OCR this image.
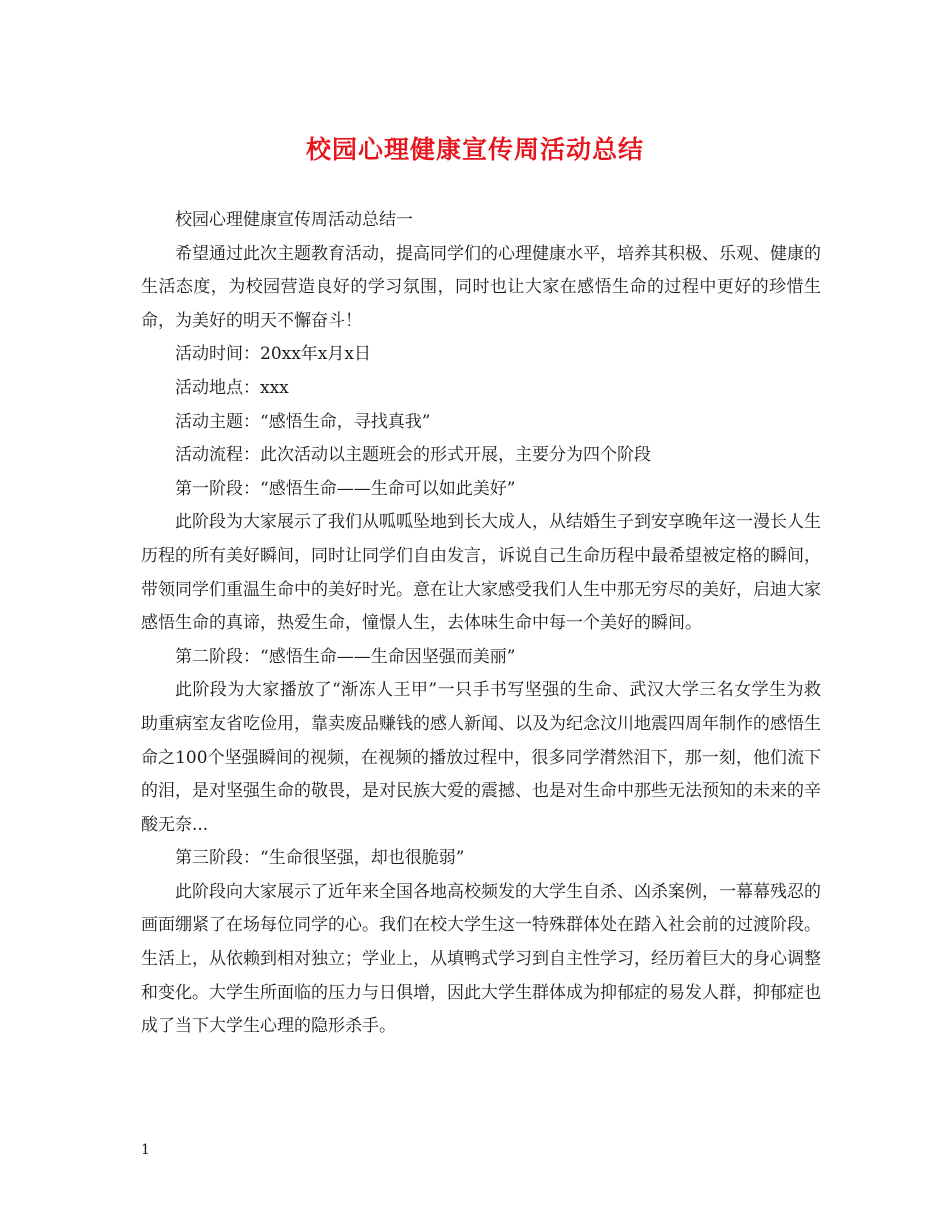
校园心理健康宣传周活动总结

校园心理健康宣传周活动总结一

希望通过此次主题教育活动，提高同学们的心理健康水平，培养其积极、乐观、健康的生活态度，为校园营造良好的学习氛围，同时也让大家在感悟生命的过程中更好的珍惜生命，为美好的明天不懈奋斗！

活动时间：20xx年x月x日

活动地点：xxx

活动主题：“感悟生命，寻找真我”

活动流程：此次活动以主题班会的形式开展，主要分为四个阶段

第一阶段：“感悟生命——生命可以如此美好”

此阶段为大家展示了我们从呱呱坠地到长大成人，从结婚生子到安享晚年这一漫长人生历程的所有美好瞬间，同时让同学们自由发言，诉说自己生命历程中最希望被定格的瞬间，带领同学们重温生命中的美好时光。意在让大家感受我们人生中那无穷尽的美好，启迪大家感悟生命的真谛，热爱生命，憧憬人生，去体味生命中每一个美好的瞬间。

第二阶段：“感悟生命——生命因坚强而美丽”

此阶段为大家播放了“渐冻人王甲”一只手书写坚强的生命、武汉大学三名女学生为救助重病室友省吃俭用，靠卖废品赚钱的感人新闻、以及为纪念汶川地震四周年制作的感悟生命之100个坚强瞬间的视频，在视频的播放过程中，很多同学潸然泪下，那一刻，他们流下的泪，是对坚强生命的敬畏，是对民族大爱的震撼、也是对生命中那些无法预知的未来的辛酸无奈...

第三阶段：“生命很坚强，却也很脆弱”

此阶段向大家展示了近年来全国各地高校频发的大学生自杀、凶杀案例，一幕幕残忍的画面绷紧了在场每位同学的心。我们在校大学生这一特殊群体处在踏入社会前的过渡阶段。生活上，从依赖到相对独立；学业上，从填鸭式学习到自主性学习，经历着巨大的身心调整和变化。大学生所面临的压力与日俱增，因此大学生群体成为抑郁症的易发人群，抑郁症也成了当下大学生心理的隐形杀手。

1
